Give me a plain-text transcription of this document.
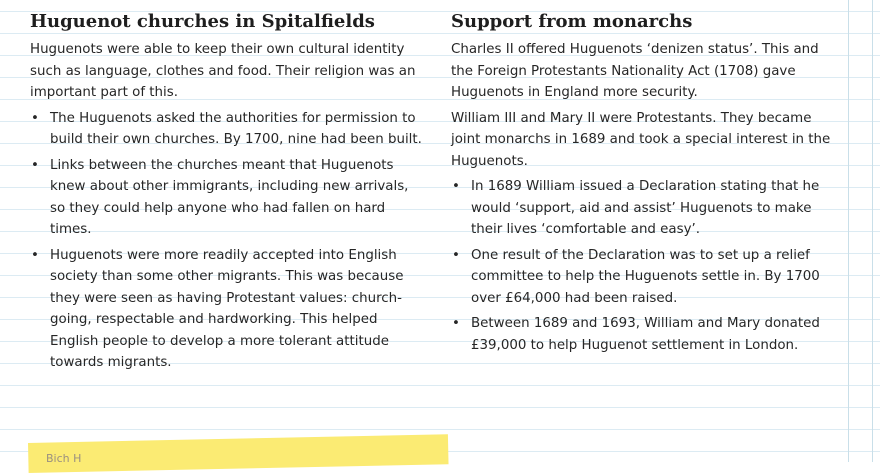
Huguenot churches in Spitalfields

Huguenots were able to keep their own cultural identity such as language, clothes and food. Their religion was an important part of this.

• The Huguenots asked the authorities for permission to build their own churches. By 1700, nine had been built.
• Links between the churches meant that Huguenots knew about other immigrants, including new arrivals, so they could help anyone who had fallen on hard times.
• Huguenots were more readily accepted into English society than some other migrants. This was because they were seen as having Protestant values: church-going, respectable and hardworking. This helped English people to develop a more tolerant attitude towards migrants.
Support from monarchs

Charles II offered Huguenots ‘denizen status’. This and the Foreign Protestants Nationality Act (1708) gave Huguenots in England more security.

William III and Mary II were Protestants. They became joint monarchs in 1689 and took a special interest in the Huguenots.

• In 1689 William issued a Declaration stating that he would ‘support, aid and assist’ Huguenots to make their lives ‘comfortable and easy’.
• One result of the Declaration was to set up a relief committee to help the Huguenots settle in. By 1700 over £64,000 had been raised.
• Between 1689 and 1693, William and Mary donated £39,000 to help Huguenot settlement in London.
Bich H
